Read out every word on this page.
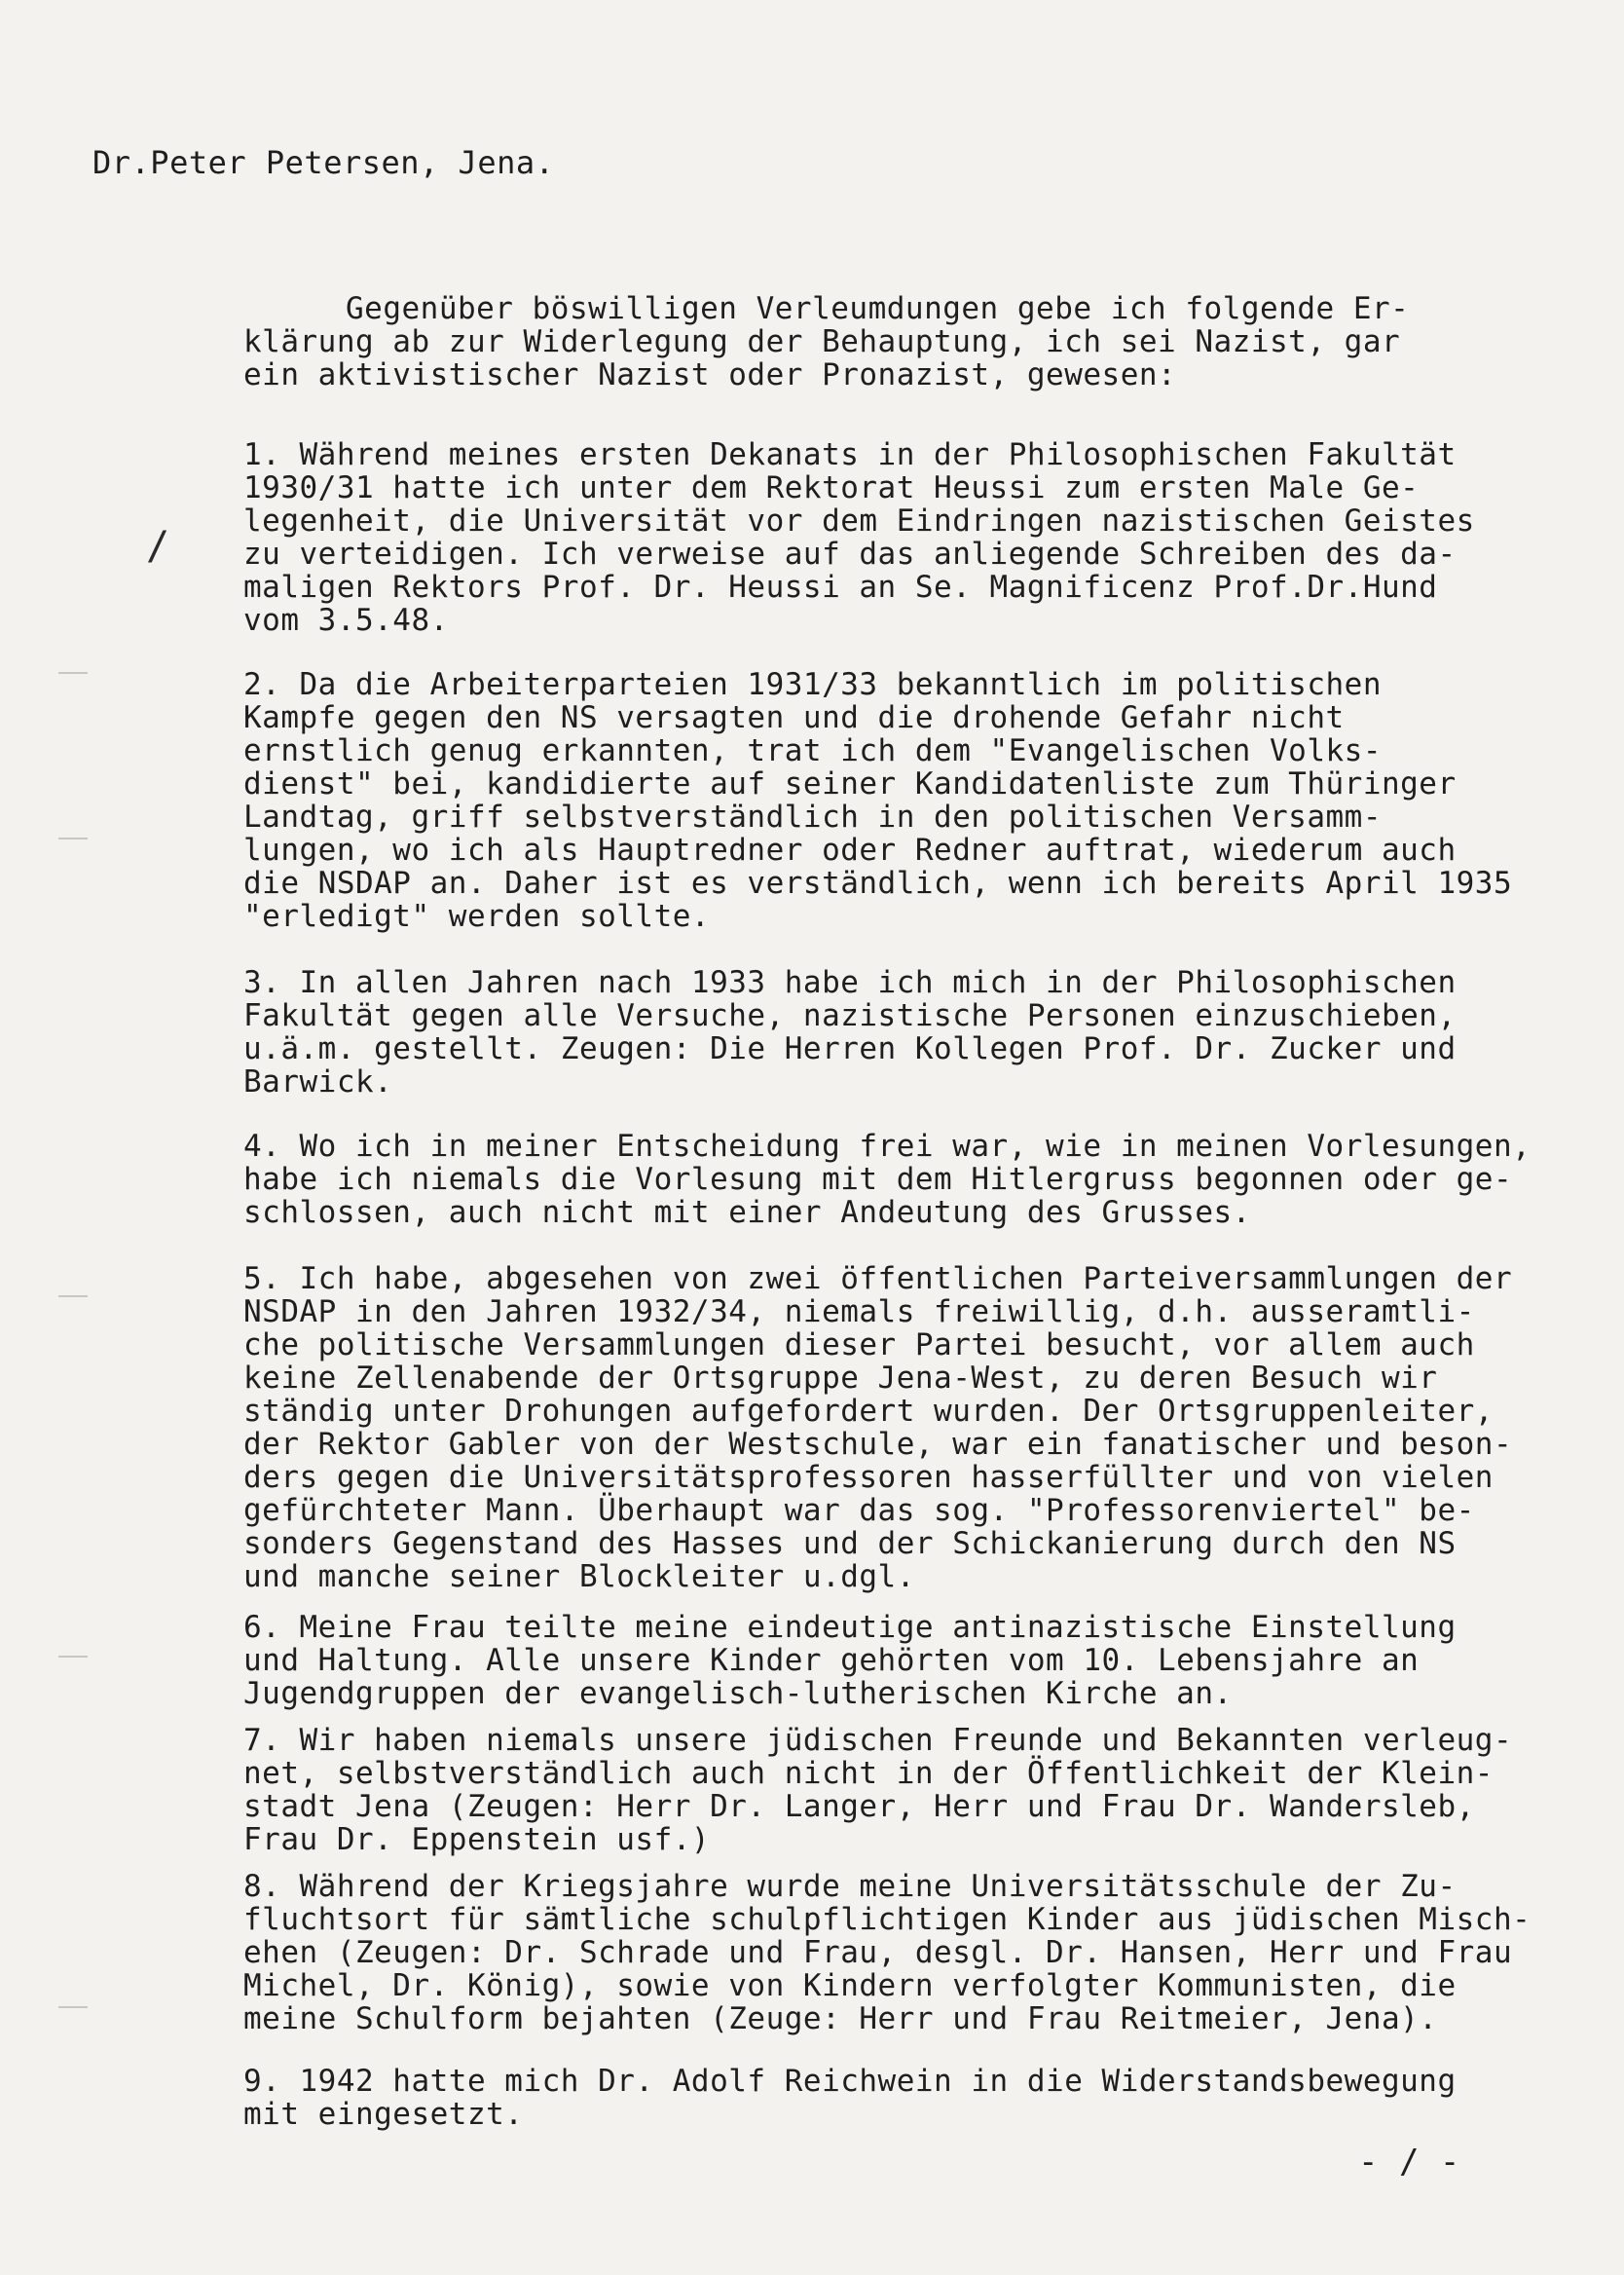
Dr.Peter Petersen, Jena.
Gegenüber böswilligen Verleumdungen gebe ich folgende Er-
klärung ab zur Widerlegung der Behauptung, ich sei Nazist, gar
ein aktivistischer Nazist oder Pronazist, gewesen:
/
1. Während meines ersten Dekanats in der Philosophischen Fakultät
1930/31 hatte ich unter dem Rektorat Heussi zum ersten Male Ge-
legenheit, die Universität vor dem Eindringen nazistischen Geistes
zu verteidigen. Ich verweise auf das anliegende Schreiben des da-
maligen Rektors Prof. Dr. Heussi an Se. Magnificenz Prof.Dr.Hund
vom 3.5.48.
2. Da die Arbeiterparteien 1931/33 bekanntlich im politischen
Kampfe gegen den NS versagten und die drohende Gefahr nicht
ernstlich genug erkannten, trat ich dem "Evangelischen Volks-
dienst" bei, kandidierte auf seiner Kandidatenliste zum Thüringer
Landtag, griff selbstverständlich in den politischen Versamm-
lungen, wo ich als Hauptredner oder Redner auftrat, wiederum auch
die NSDAP an. Daher ist es verständlich, wenn ich bereits April 1935
"erledigt" werden sollte.
3. In allen Jahren nach 1933 habe ich mich in der Philosophischen
Fakultät gegen alle Versuche, nazistische Personen einzuschieben,
u.ä.m. gestellt. Zeugen: Die Herren Kollegen Prof. Dr. Zucker und
Barwick.
4. Wo ich in meiner Entscheidung frei war, wie in meinen Vorlesungen,
habe ich niemals die Vorlesung mit dem Hitlergruss begonnen oder ge-
schlossen, auch nicht mit einer Andeutung des Grusses.
5. Ich habe, abgesehen von zwei öffentlichen Parteiversammlungen der
NSDAP in den Jahren 1932/34, niemals freiwillig, d.h. ausseramtli-
che politische Versammlungen dieser Partei besucht, vor allem auch
keine Zellenabende der Ortsgruppe Jena-West, zu deren Besuch wir
ständig unter Drohungen aufgefordert wurden. Der Ortsgruppenleiter,
der Rektor Gabler von der Westschule, war ein fanatischer und beson-
ders gegen die Universitätsprofessoren hasserfüllter und von vielen
gefürchteter Mann. Überhaupt war das sog. "Professorenviertel" be-
sonders Gegenstand des Hasses und der Schickanierung durch den NS
und manche seiner Blockleiter u.dgl.
6. Meine Frau teilte meine eindeutige antinazistische Einstellung
und Haltung. Alle unsere Kinder gehörten vom 10. Lebensjahre an
Jugendgruppen der evangelisch-lutherischen Kirche an.
7. Wir haben niemals unsere jüdischen Freunde und Bekannten verleug-
net, selbstverständlich auch nicht in der Öffentlichkeit der Klein-
stadt Jena (Zeugen: Herr Dr. Langer, Herr und Frau Dr. Wandersleb,
Frau Dr. Eppenstein usf.)
8. Während der Kriegsjahre wurde meine Universitätsschule der Zu-
fluchtsort für sämtliche schulpflichtigen Kinder aus jüdischen Misch-
ehen (Zeugen: Dr. Schrade und Frau, desgl. Dr. Hansen, Herr und Frau
Michel, Dr. König), sowie von Kindern verfolgter Kommunisten, die
meine Schulform bejahten (Zeuge: Herr und Frau Reitmeier, Jena).
9. 1942 hatte mich Dr. Adolf Reichwein in die Widerstandsbewegung
mit eingesetzt.
- / -
